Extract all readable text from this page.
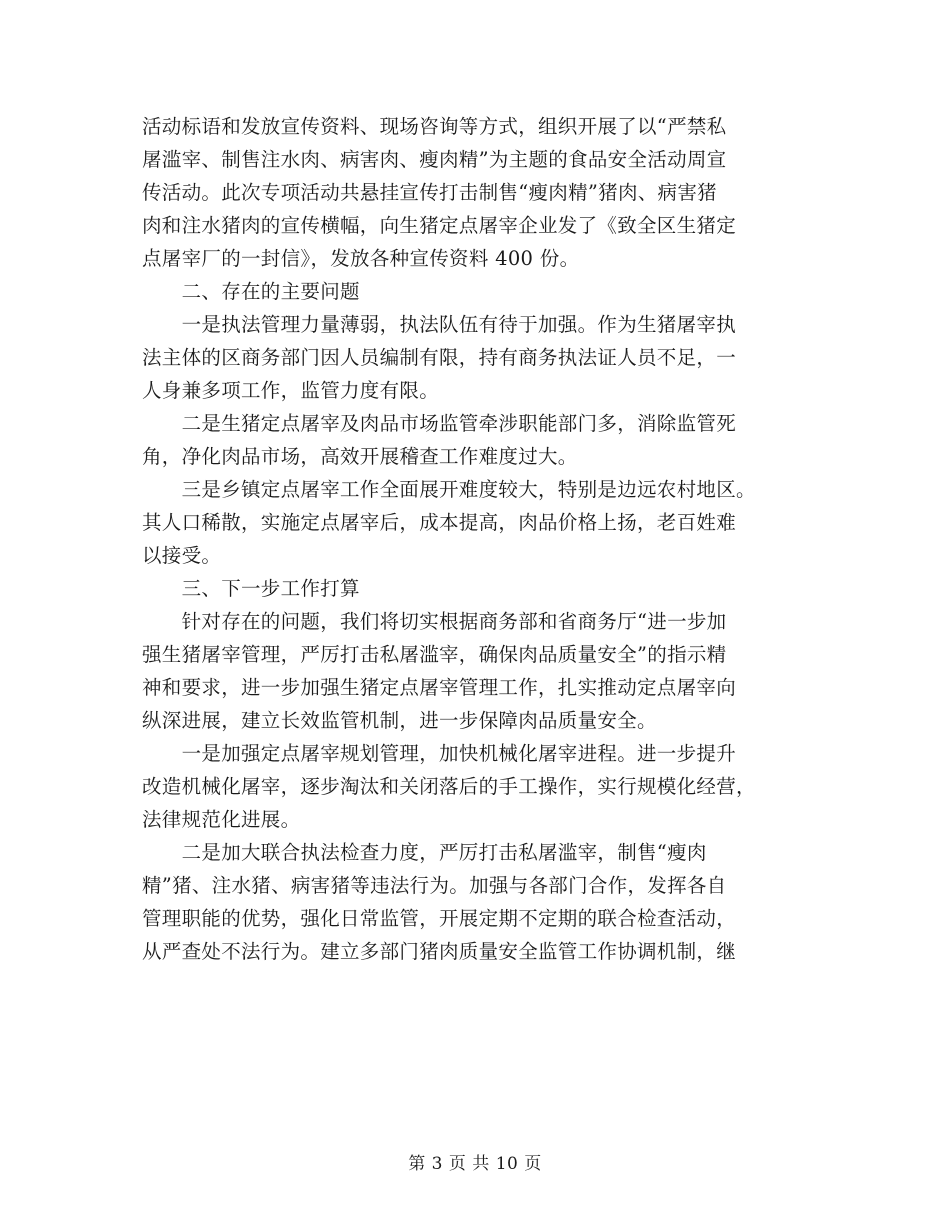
活动标语和发放宣传资料、现场咨询等方式，组织开展了以“严禁私
屠滥宰、制售注水肉、病害肉、瘦肉精”为主题的食品安全活动周宣
传活动。此次专项活动共悬挂宣传打击制售“瘦肉精”猪肉、病害猪
肉和注水猪肉的宣传横幅，向生猪定点屠宰企业发了《致全区生猪定
点屠宰厂的一封信》，发放各种宣传资料 400 份。
　　二、存在的主要问题
　　一是执法管理力量薄弱，执法队伍有待于加强。作为生猪屠宰执
法主体的区商务部门因人员编制有限，持有商务执法证人员不足，一
人身兼多项工作，监管力度有限。
　　二是生猪定点屠宰及肉品市场监管牵涉职能部门多，消除监管死
角，净化肉品市场，高效开展稽查工作难度过大。
　　三是乡镇定点屠宰工作全面展开难度较大，特别是边远农村地区。
其人口稀散，实施定点屠宰后，成本提高，肉品价格上扬，老百姓难
以接受。
　　三、下一步工作打算
　　针对存在的问题，我们将切实根据商务部和省商务厅“进一步加
强生猪屠宰管理，严厉打击私屠滥宰，确保肉品质量安全”的指示精
神和要求，进一步加强生猪定点屠宰管理工作，扎实推动定点屠宰向
纵深进展，建立长效监管机制，进一步保障肉品质量安全。
　　一是加强定点屠宰规划管理，加快机械化屠宰进程。进一步提升
改造机械化屠宰，逐步淘汰和关闭落后的手工操作，实行规模化经营，
法律规范化进展。
　　二是加大联合执法检查力度，严厉打击私屠滥宰，制售“瘦肉
精”猪、注水猪、病害猪等违法行为。加强与各部门合作，发挥各自
管理职能的优势，强化日常监管，开展定期不定期的联合检查活动，
从严查处不法行为。建立多部门猪肉质量安全监管工作协调机制，继
第 3 页 共 10 页
